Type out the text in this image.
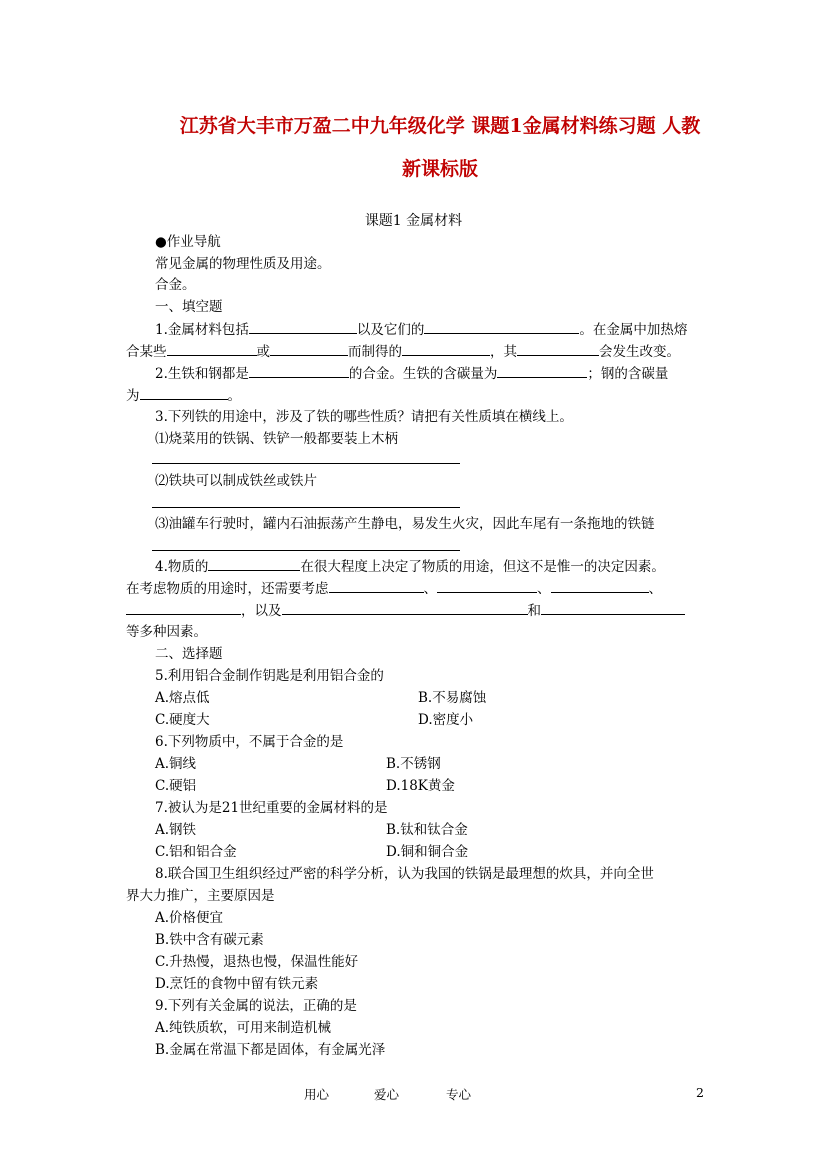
江苏省大丰市万盈二中九年级化学 课题1金属材料练习题 人教
新课标版
课题1 金属材料
●作业导航
常见金属的物理性质及用途。
合金。
一、填空题
1.金属材料包括	以及它们的	。在金属中加热熔
合某些	或	而制得的	，其	会发生改变。
2.生铁和钢都是	的合金。生铁的含碳量为	；钢的含碳量
为	。
3.下列铁的用途中，涉及了铁的哪些性质？请把有关性质填在横线上。
⑴烧菜用的铁锅、铁铲一般都要装上木柄
⑵铁块可以制成铁丝或铁片
⑶油罐车行驶时，罐内石油振荡产生静电，易发生火灾，因此车尾有一条拖地的铁链
4.物质的	在很大程度上决定了物质的用途，但这不是惟一的决定因素。
在考虑物质的用途时，还需要考虑	、	、	、
，以及	和
等多种因素。
二、选择题
5.利用铝合金制作钥匙是利用铝合金的
A.熔点低	B.不易腐蚀
C.硬度大	D.密度小
6.下列物质中，不属于合金的是
A.铜线	B.不锈钢
C.硬铝	D.18K黄金
7.被认为是21世纪重要的金属材料的是
A.钢铁	B.钛和钛合金
C.铝和铝合金	D.铜和铜合金
8.联合国卫生组织经过严密的科学分析，认为我国的铁锅是最理想的炊具，并向全世
界大力推广，主要原因是
A.价格便宜
B.铁中含有碳元素
C.升热慢，退热也慢，保温性能好
D.烹饪的食物中留有铁元素
9.下列有关金属的说法，正确的是
A.纯铁质软，可用来制造机械
B.金属在常温下都是固体，有金属光泽
用心	爱心	专心	2
